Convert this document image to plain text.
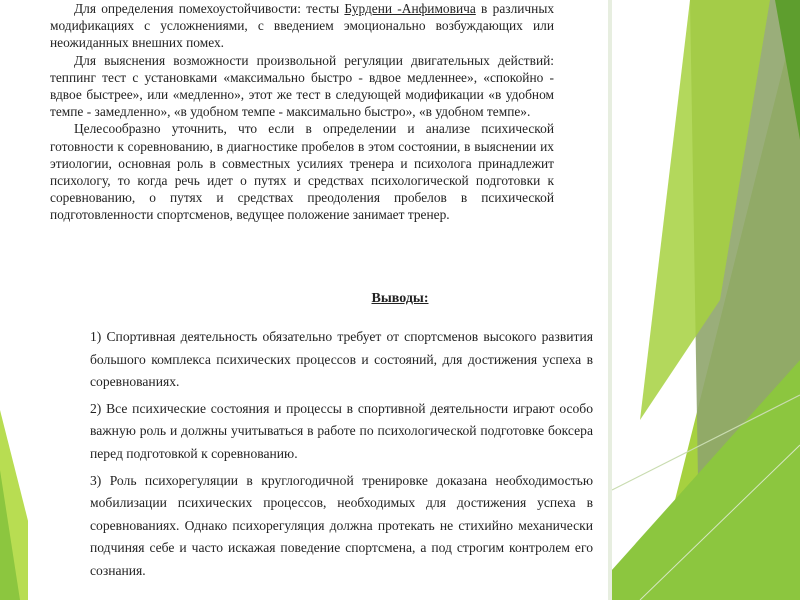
Для определения помехоустойчивости: тесты Бурдени -Анфимовича в различных модификациях с усложнениями, с введением эмоционально возбуждающих или неожиданных внешних помех.

Для выяснения возможности произвольной регуляции двигательных действий: теппинг тест с установками «максимально быстро - вдвое медленнее», «спокойно - вдвое быстрее», или «медленно», этот же тест в следующей модификации «в удобном темпе - замедленно», «в удобном темпе - максимально быстро», «в удобном темпе».

Целесообразно уточнить, что если в определении и анализе психической готовности к соревнованию, в диагностике пробелов в этом состоянии, в выяснении их этиологии, основная роль в совместных усилиях тренера и психолога принадлежит психологу, то когда речь идет о путях и средствах психологической подготовки к соревнованию, о путях и средствах преодоления пробелов в психической подготовленности спортсменов, ведущее положение занимает тренер.

Выводы:

1) Спортивная деятельность обязательно требует от спортсменов высокого развития большого комплекса психических процессов и состояний, для достижения успеха в соревнованиях.

2) Все психические состояния и процессы в спортивной деятельности играют особо важную роль и должны учитываться в работе по психологической подготовке боксера перед подготовкой к соревнованию.

3) Роль психорегуляции в круглогодичной тренировке доказана необходимостью мобилизации психических процессов, необходимых для достижения успеха в соревнованиях. Однако психорегуляция должна протекать не стихийно механически подчиняя себе и часто искажая поведение спортсмена, а под строгим контролем его сознания.
